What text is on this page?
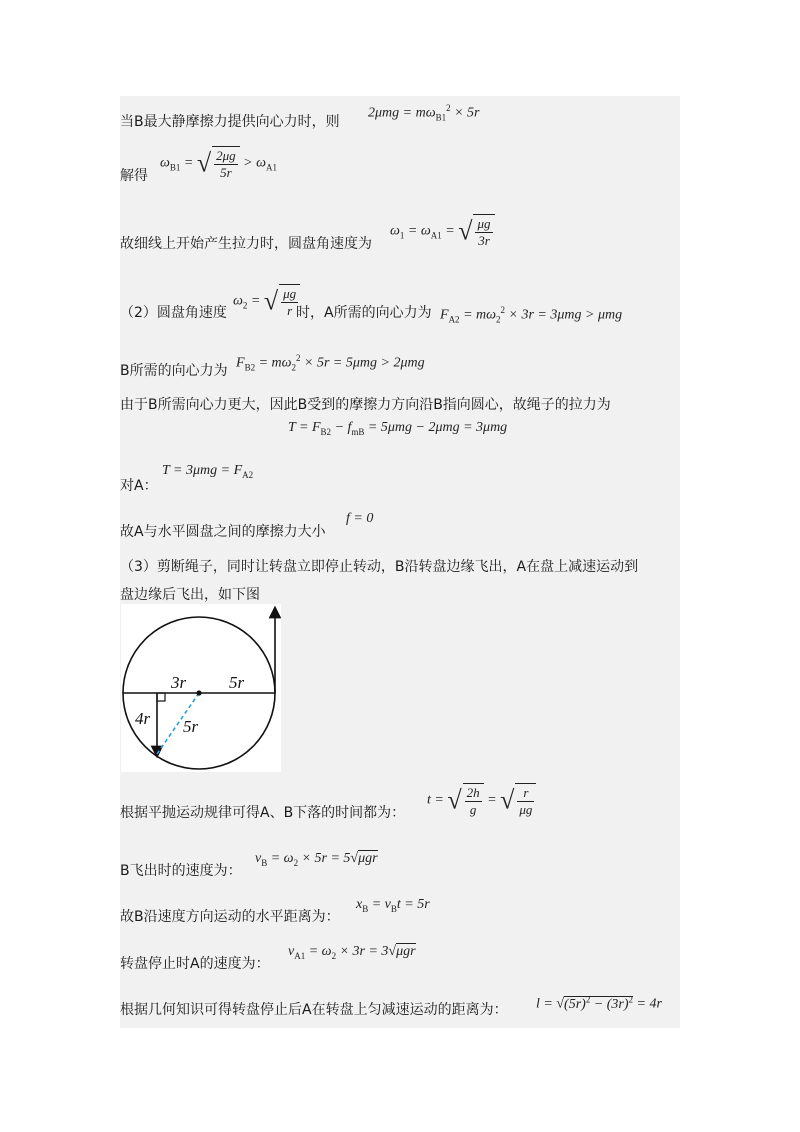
当B最大静摩擦力提供向心力时，则
$2\mu mg = m\omega_{B1}^2 \times 5r$
解得
$\omega_{B1}$ = √ $\frac{2\mu g}{5r} > \omega_{A1}$
故细线上开始产生拉力时，圆盘角速度为
$\omega_1 = \omega_{A1}$ = √ $\frac{\mu g}{3r}$
（2）圆盘角速度
$\omega_2$ = √ $\frac{\mu g}{r}$
时，A所需的向心力为 $F_{A2} = m\omega_2^2 \times 3r = 3\mu mg > \mu mg$
B所需的向心力为 $F_{B2} = m\omega_2^2 \times 5r = 5\mu mg > 2\mu mg$
由于B所需向心力更大，因此B受到的摩擦力方向沿B指向圆心，故绳子的拉力为
$T = F_{B2} - f_{mB} = 5\mu mg - 2\mu mg = 3\mu mg$
对A：
$T = 3\mu mg = F_{A2}$
故A与水平圆盘之间的摩擦力大小
f = 0
（3）剪断绳子，同时让转盘立即停止转动，B沿转盘边缘飞出，A在盘上减速运动到
盘边缘后飞出，如下图
3r	5r
4r 5r
根据平抛运动规律可得A、B下落的时间都为：
t = √ $\frac{2h}{g}$ = √ $\frac{r}{\mu g}$
B飞出时的速度为：
$v_B = \omega_2 \times 5r = 5√\mu gr$
故B沿速度方向运动的水平距离为：
$x_B = v_Bt = 5r$
转盘停止时A的速度为：
$v_{A1} = \omega_2 \times 3r = 3√\mu gr$
根据几何知识可得转盘停止后A在转盘上匀减速运动的距离为： $l = √(5r)^2 - (3r)^2 = 4r$
